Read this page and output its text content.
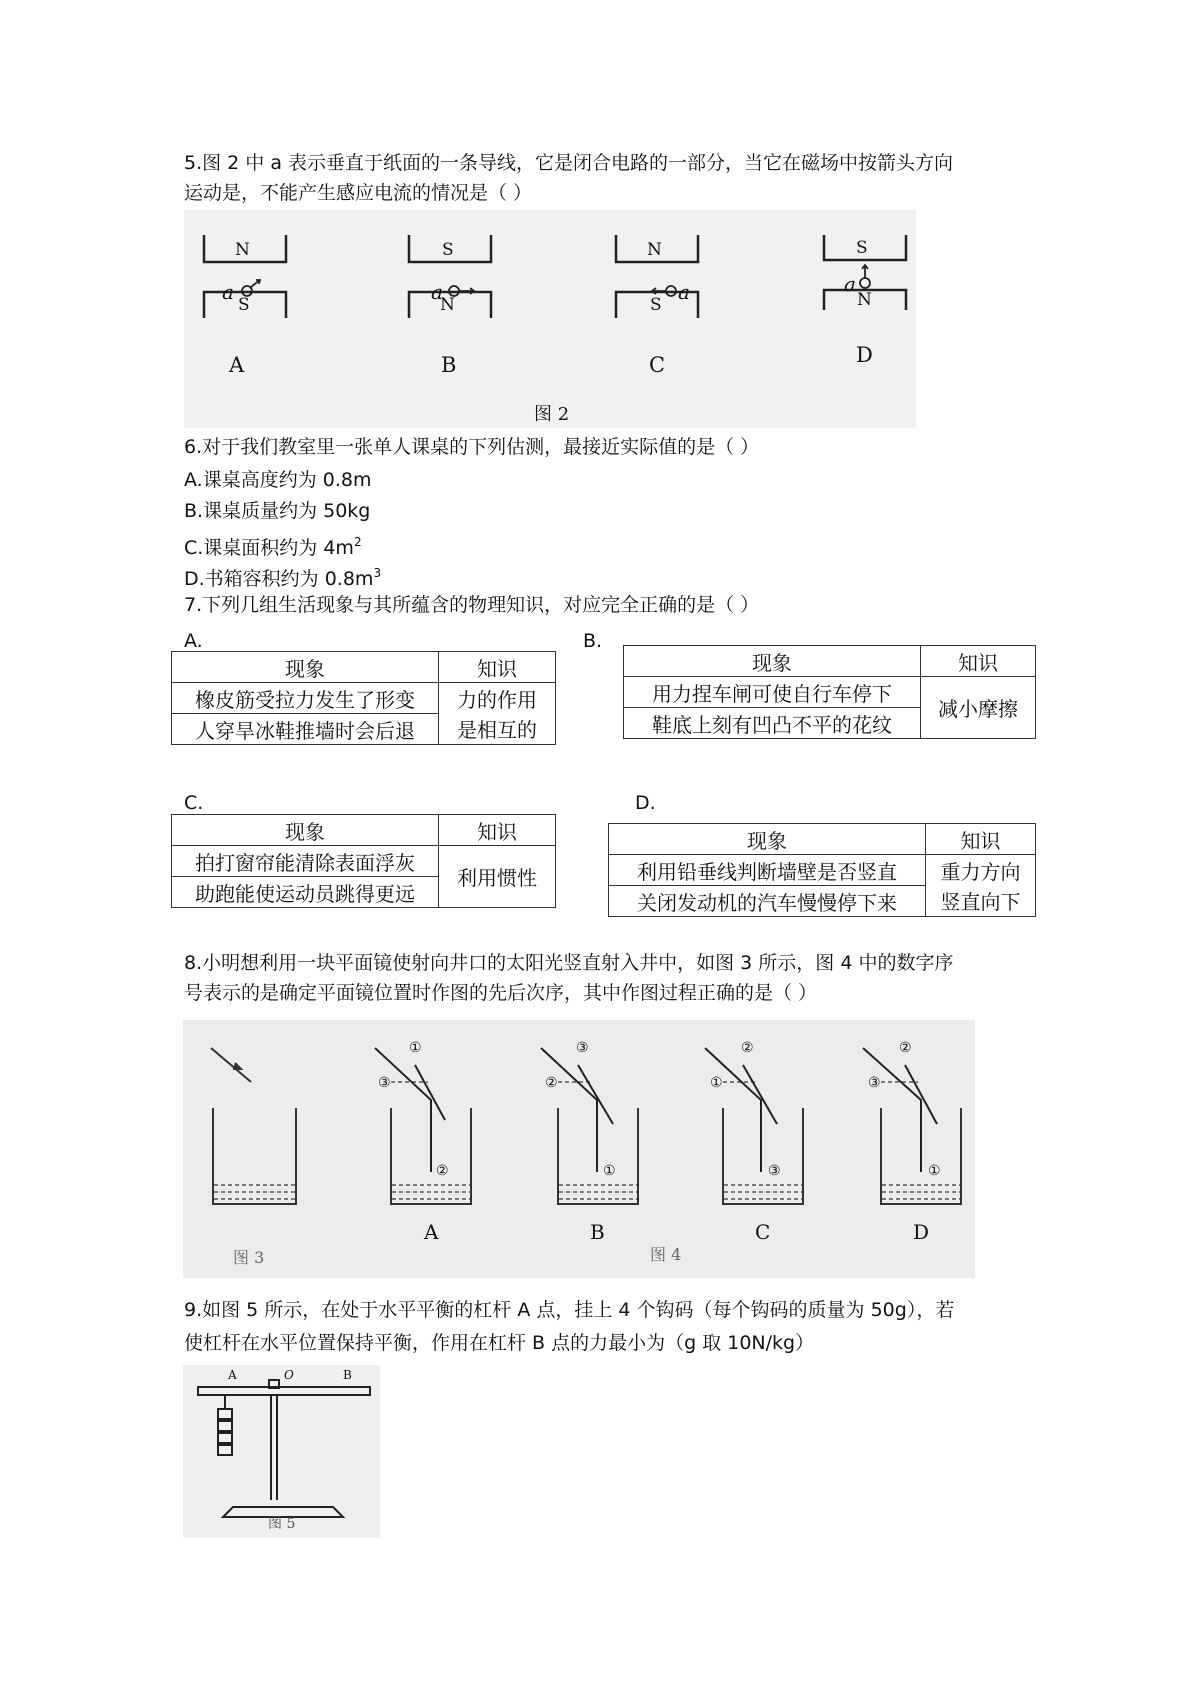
5.图 2 中 a 表示垂直于纸面的一条导线，它是闭合电路的一部分，当它在磁场中按箭头方向
运动是，不能产生感应电流的情况是（ ）
N
S
a
A
S
N
a
B
N
S
a
C
S
N
a
D
图 2
6.对于我们教室里一张单人课桌的下列估测，最接近实际值的是（ ）
A.课桌高度约为 0.8m
B.课桌质量约为 50kg
C.课桌面积约为 $4m^2$
D.书箱容积约为 $0.8m^3$
7.下列几组生活现象与其所蕴含的物理知识，对应完全正确的是（ ）
A.
现象	知识
橡皮筋受拉力发生了形变	力的作用
人穿旱冰鞋推墙时会后退	是相互的
B.
现象	知识
用力捏车闸可使自行车停下	减小摩擦
鞋底上刻有凹凸不平的花纹	
C.
现象	知识
拍打窗帘能清除表面浮灰	利用惯性
助跑能使运动员跳得更远	
D.
现象	知识
利用铅垂线判断墙壁是否竖直	重力方向
关闭发动机的汽车慢慢停下来	竖直向下
8.小明想利用一块平面镜使射向井口的太阳光竖直射入井中，如图 3 所示，图 4 中的数字序
号表示的是确定平面镜位置时作图的先后次序，其中作图过程正确的是（ ）
①
③
②
A
③
②
①
B
②
①
③
C
②
③
①
D
图 3	图 4
9.如图 5 所示，在处于水平平衡的杠杆 A 点，挂上 4 个钩码（每个钩码的质量为 50g），若
使杠杆在水平位置保持平衡，作用在杠杆 B 点的力最小为（g 取 10N/kg）
A	O	B
图 5
